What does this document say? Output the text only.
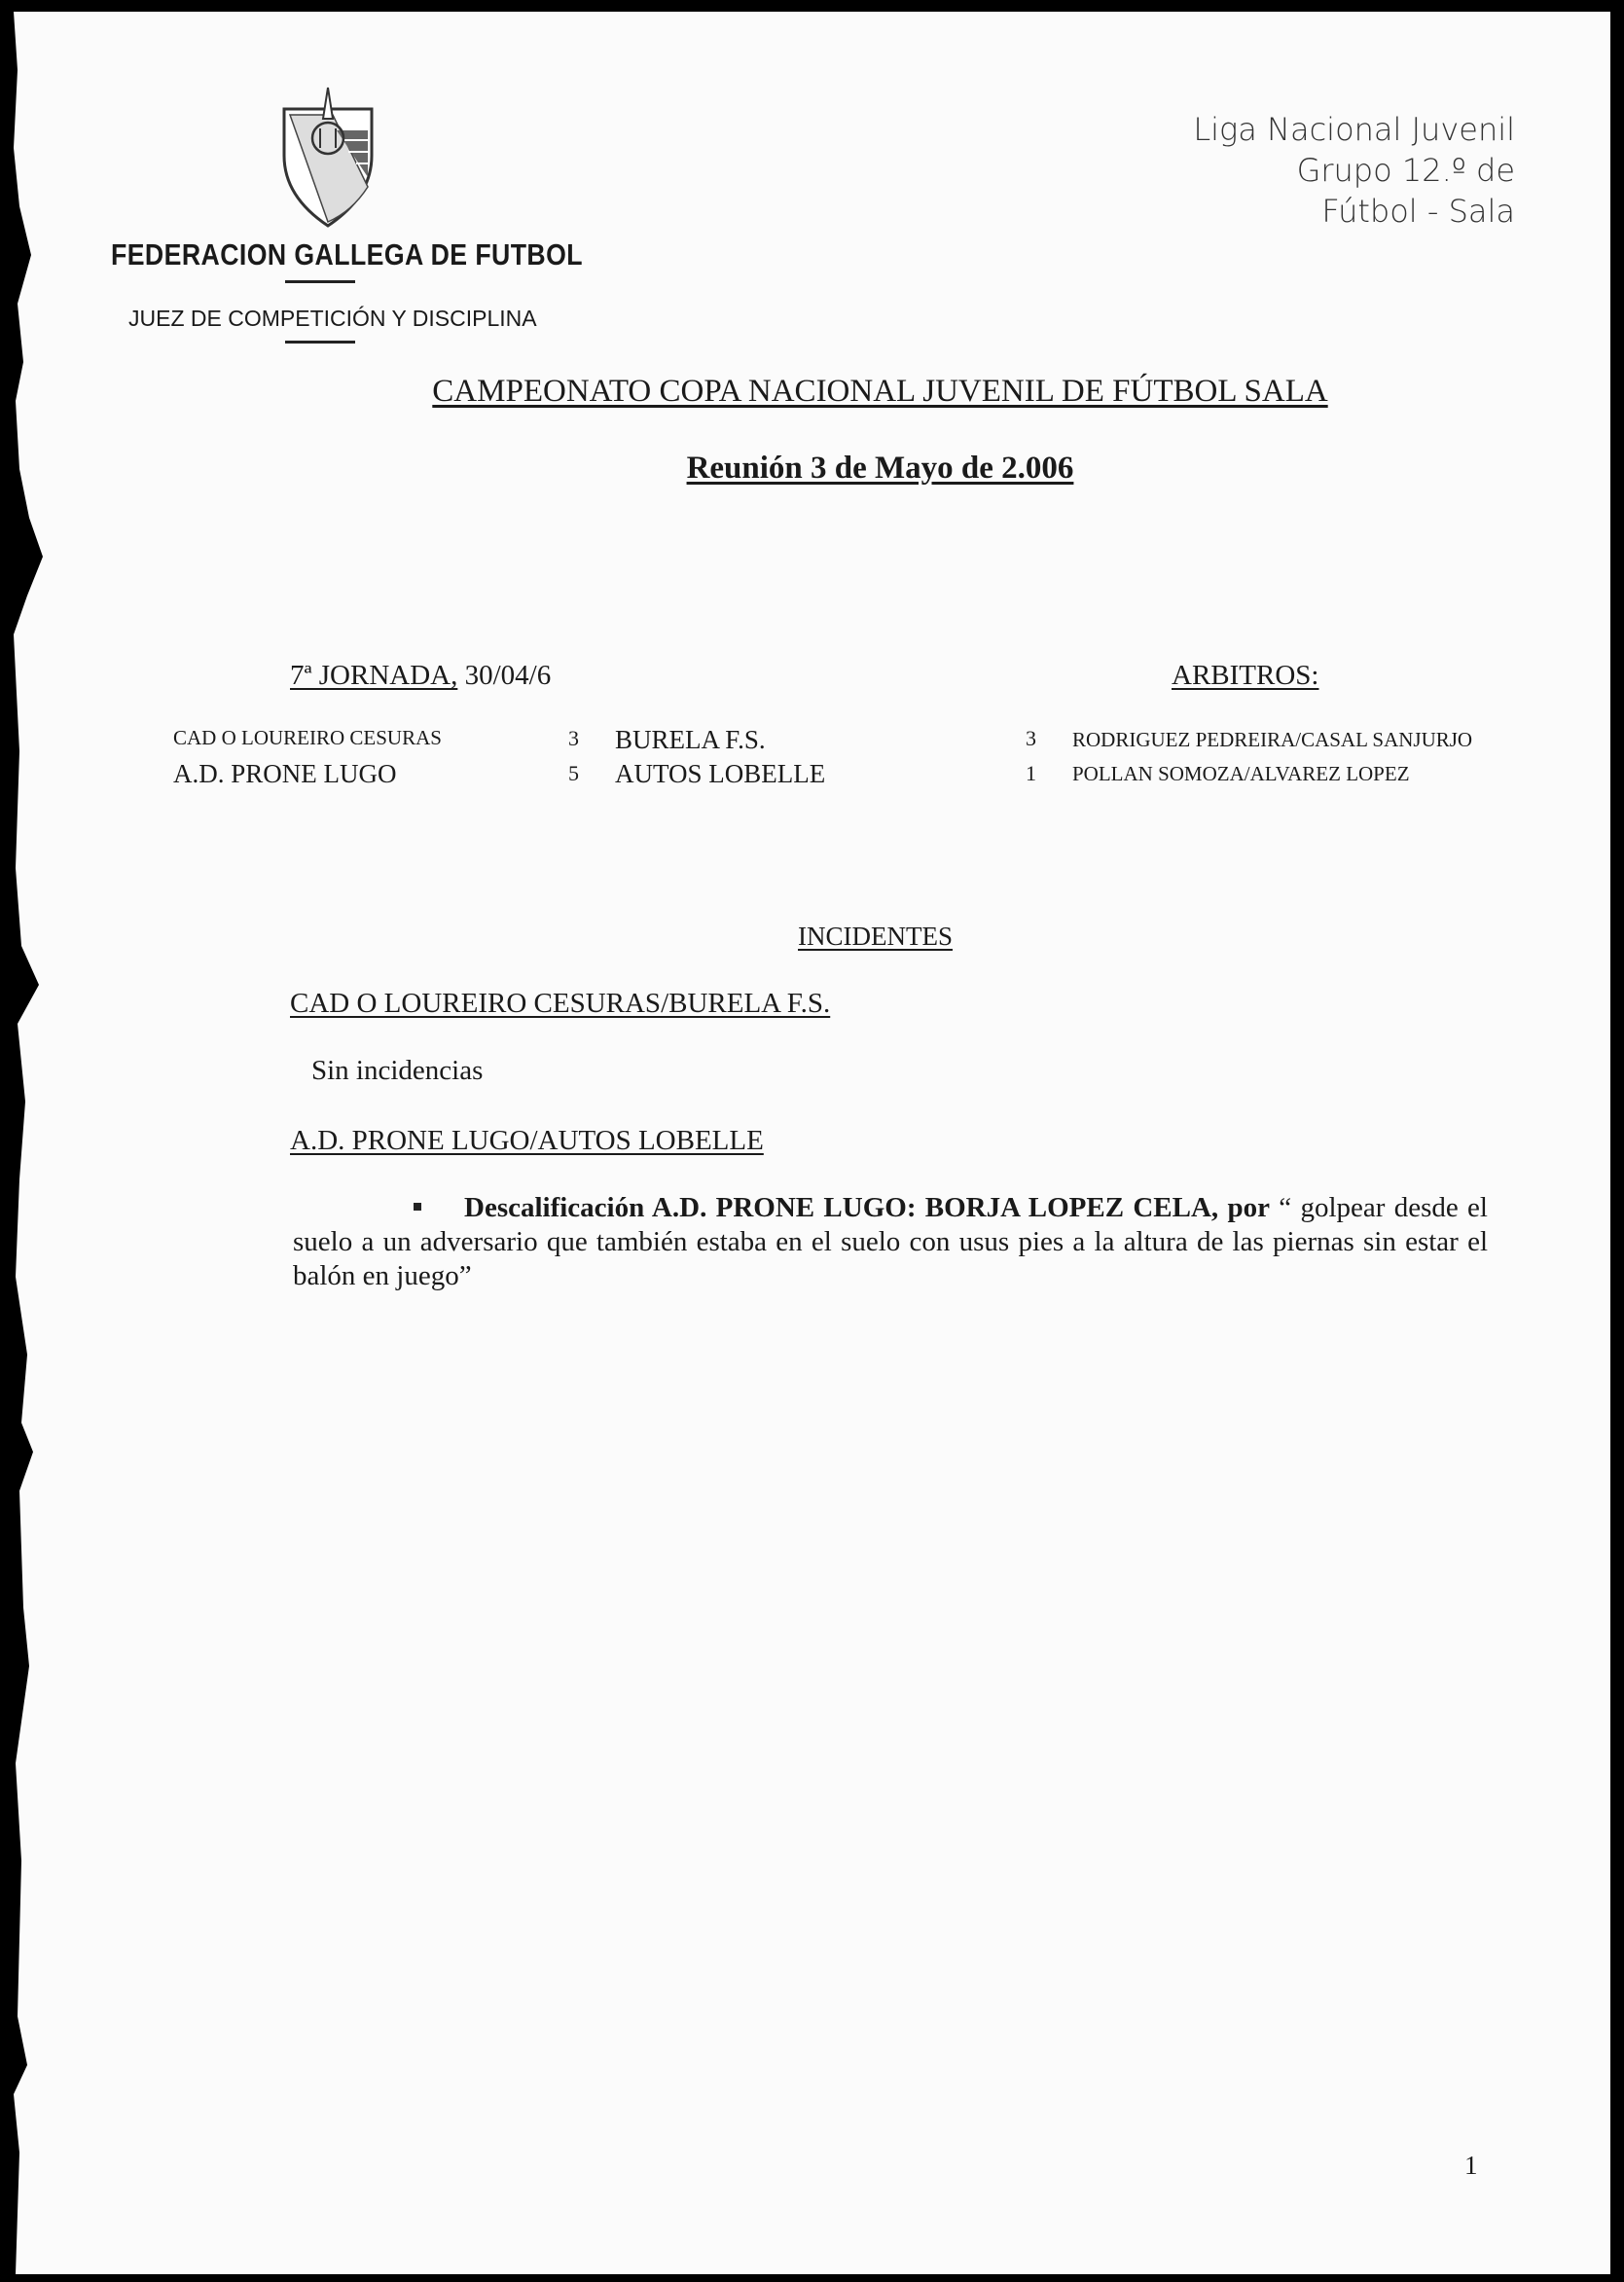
FEDERACION GALLEGA DE FUTBOL
JUEZ DE COMPETICIÓN Y DISCIPLINA
Liga Nacional Juvenil
Grupo 12.º de
Fútbol - Sala
CAMPEONATO COPA NACIONAL JUVENIL DE FÚTBOL SALA
Reunión 3 de Mayo de 2.006
7ª JORNADA, 30/04/6	ARBITROS:
CAD O LOUREIRO CESURAS	3 BURELA F.S.	3 RODRIGUEZ PEDREIRA/CASAL SANJURJO
A.D. PRONE LUGO	5 AUTOS LOBELLE	1 POLLAN SOMOZA/ALVAREZ LOPEZ
INCIDENTES
CAD O LOUREIRO CESURAS/BURELA F.S.
Sin incidencias
A.D. PRONE LUGO/AUTOS LOBELLE
Descalificación A.D. PRONE LUGO: BORJA LOPEZ CELA, por “ golpear desde el suelo a un adversario que también estaba en el suelo con usus pies a la altura de las piernas sin estar el balón en juego”
1
